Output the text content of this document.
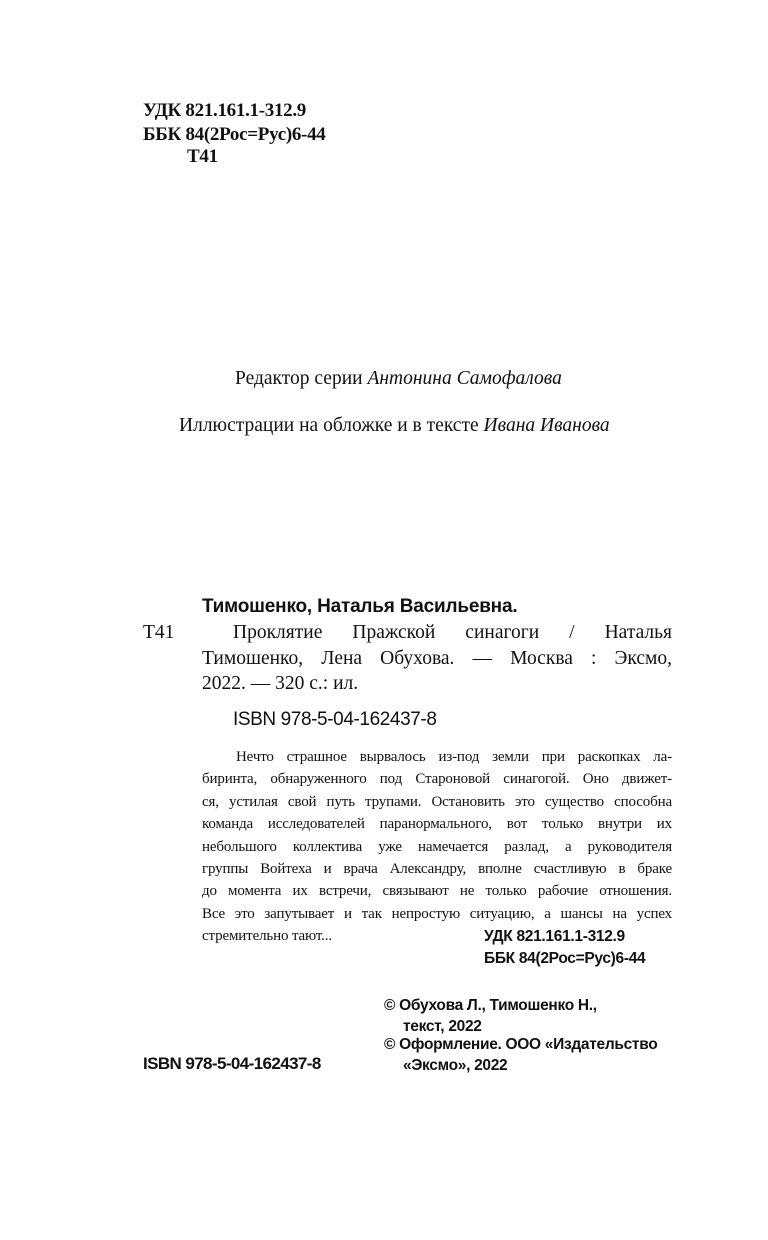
УДК 821.161.1-312.9
ББК 84(2Рос=Рус)6-44
Т41
Редактор серии Антонина Самофалова
Иллюстрации на обложке и в тексте Ивана Иванова
Тимошенко, Наталья Васильевна.
Т41	Проклятие Пражской синагоги / Наталья
Тимошенко, Лена Обухова. — Москва : Эксмо,
2022. — 320 с.: ил.
ISBN 978-5-04-162437-8
Нечто страшное вырвалось из-под земли при раскопках ла-
биринта, обнаруженного под Староновой синагогой. Оно движет-
ся, устилая свой путь трупами. Остановить это существо способна
команда исследователей паранормального, вот только внутри их
небольшого коллектива уже намечается разлад, а руководителя
группы Войтеха и врача Александру, вполне счастливую в браке
до момента их встречи, связывают не только рабочие отношения.
Все это запутывает и так непростую ситуацию, а шансы на успех
стремительно тают...	УДК 821.161.1-312.9
ББК 84(2Рос=Рус)6-44
© Обухова Л., Тимошенко Н.,
текст, 2022
© Оформление. ООО «Издательство
«Эксмо», 2022
ISBN 978-5-04-162437-8
